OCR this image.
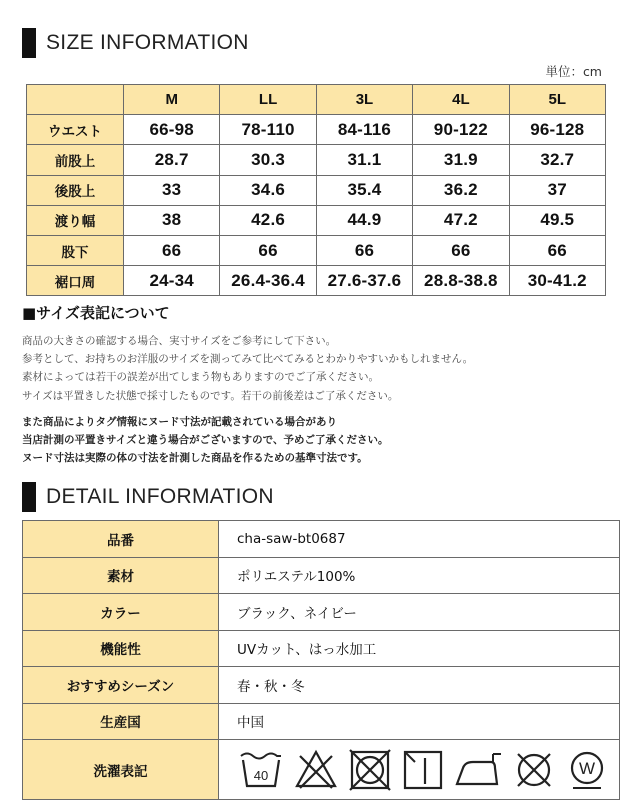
SIZE INFORMATION
単位：cm
	M	LL	3L	4L	5L
ウエスト	66-98	78-110	84-116	90-122	96-128
前股上	28.7	30.3	31.1	31.9	32.7
後股上	33	34.6	35.4	36.2	37
渡り幅	38	42.6	44.9	47.2	49.5
股下	66	66	66	66	66
裾口周	24-34	26.4-36.4	27.6-37.6	28.8-38.8	30-41.2
■サイズ表記について
商品の大きさの確認する場合、実寸サイズをご参考にして下さい。
参考として、お持ちのお洋服のサイズを測ってみて比べてみるとわかりやすいかもしれません。
素材によっては若干の誤差が出てしまう物もありますのでご了承ください。
サイズは平置きした状態で採寸したものです。若干の前後差はご了承ください。
また商品によりタグ情報にヌード寸法が記載されている場合があり
当店計測の平置きサイズと違う場合がございますので、予めご了承ください。
ヌード寸法は実際の体の寸法を計測した商品を作るための基準寸法です。
DETAIL INFORMATION
品番	cha-saw-bt0687
素材	ポリエステル100%
カラー	ブラック、ネイビー
機能性	UVカット、はっ水加工
おすすめシーズン	春・秋・冬
生産国	中国
洗濯表記	40 W
